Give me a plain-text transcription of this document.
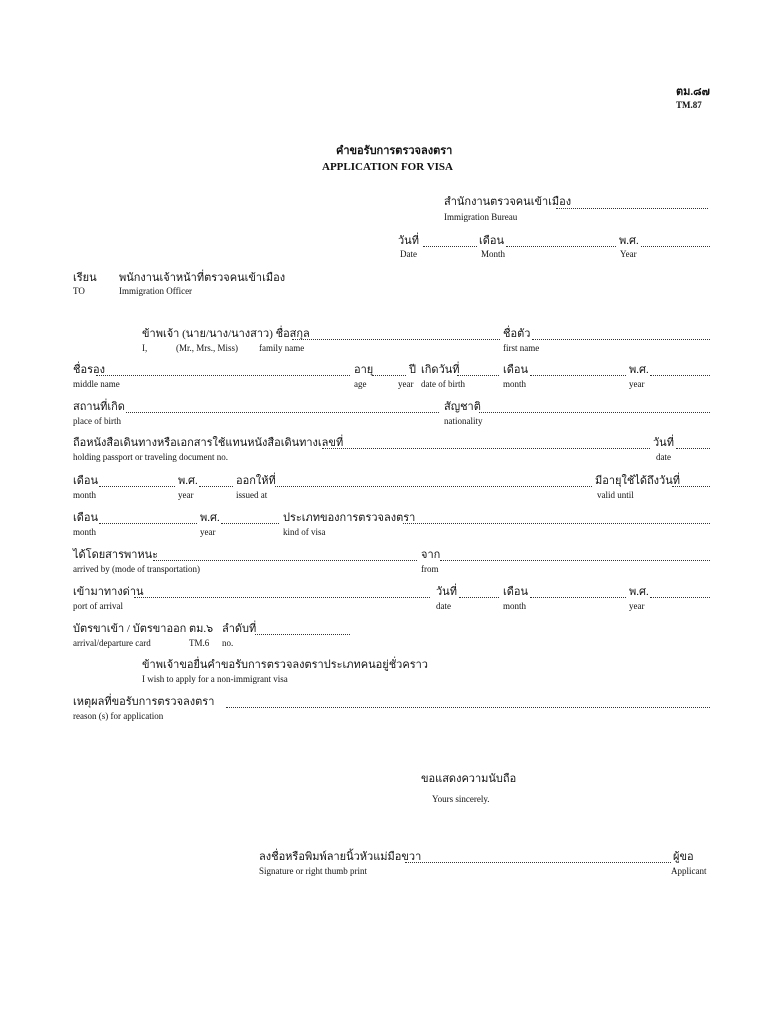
ตม.๘๗
TM.87
คำขอรับการตรวจลงตรา
APPLICATION FOR VISA
สำนักงานตรวจคนเข้าเมือง
Immigration Bureau
วันที่	เดือน	พ.ศ.
Date	Month	Year
เรียน พนักงานเจ้าหน้าที่ตรวจคนเข้าเมือง
TO	Immigration Officer
ข้าพเจ้า (นาย/นาง/นางสาว) ชื่อสกุล	ชื่อตัว
I,	(Mr., Mrs., Miss) family name	first name
ชื่อรอง	อายุ	ปี เกิดวันที่	เดือน	พ.ศ.
middle name	age	year date of birth	month	year
สถานที่เกิด	สัญชาติ
place of birth	nationality
ถือหนังสือเดินทางหรือเอกสารใช้แทนหนังสือเดินทางเลขที่	วันที่
holding passport or traveling document no.	date
เดือน	พ.ศ.	ออกให้ที่	มีอายุใช้ได้ถึงวันที่
month	year	issued at	valid until
เดือน	พ.ศ.	ประเภทของการตรวจลงตรา
month	year	kind of visa
ได้โดยสารพาหนะ	จาก
arrived by (mode of transportation)	from
เข้ามาทางด่าน	วันที่	เดือน	พ.ศ.
port of arrival	date	month	year
บัตรขาเข้า / บัตรขาออก ตม.๖ ลำดับที่
arrival/departure card	TM.6 no.
ข้าพเจ้าขอยื่นคำขอรับการตรวจลงตราประเภทคนอยู่ชั่วคราว
I wish to apply for a non-immigrant visa
เหตุผลที่ขอรับการตรวจลงตรา
reason (s) for application
ขอแสดงความนับถือ
Yours sincerely.
ลงชื่อหรือพิมพ์ลายนิ้วหัวแม่มือขวา	ผู้ขอ
Signature or right thumb print	Applicant
